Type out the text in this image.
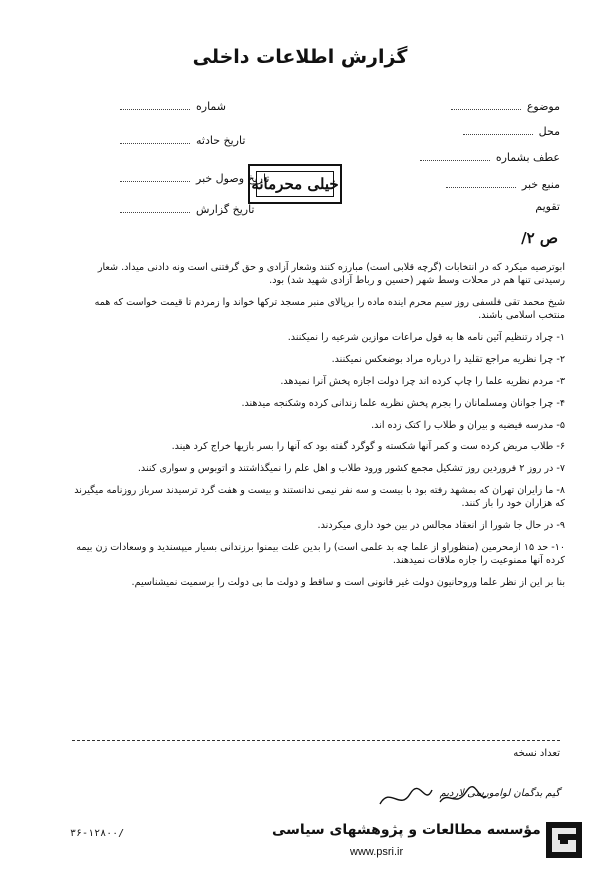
گزارش اطلاعات داخلی
شماره
تاریخ حادثه
تاریخ وصول خبر
تاریخ گزارش
موضوع
محل
عطف بشماره
منبع خبر
تقویم
خیلی محرمانه
ص ۲/

ابوترصیه میکرد که در انتخابات (گرچه قلابی است) مبارزه کنند وشعار آزادی و حق گرفتنی است ونه دادنی میداد. شعار رسیدنی تنها هم در محلات وسط شهر (حسین و رباط آزادی شهید شد) بود.

شیخ محمد تقی فلسفی روز سیم محرم اینده ماده را برپالای منبر مسجد ترکها خواند وا زمردم تا قیمت خواست که همه منتخب اسلامی باشند.

۱- چراد رتنظیم آئین نامه ها به قول مراعات موازین شرعیه را نمیکنند.

۲- چرا نظریه مراجع تقلید را درباره مراد بوضعکس نمیکنند.

۳- مردم نظریه علما را چاپ کرده اند چرا دولت اجازه پخش آنرا نمیدهد.

۴- چرا جوانان ومسلمانان را بجرم پخش نظریه علما زندانی کرده وشکنجه میدهند.

۵- مدرسه فیضیه و بیران و طلاب را کتک زده اند.

۶- طلاب مریض کرده ست و کمر آنها شکسته و گوگرد گفته بود که آنها را بسر بازیها خراج کرد هیند.

۷- در روز ۲ فروردین روز تشکیل مجمع کشور ورود طلاب و اهل علم را نمیگذاشتند و اتوبوس و سواری کنند.

۸- ما زایران تهران که بمشهد رفته بود با بیست و سه نفر نیمی ندانستند و بیست و هفت گرد ترسیدند سرباز روزنامه میگیرند که هزاران خود را باز کنند.

۹- در حال جا شورا از انعقاد مجالس در بین خود داری میکردند.

۱۰- حد ۱۵ ازمحرمین (منظوراو از علما چه بد علمی است) را بدین علت بیمنوا برزندانی بسیار میپسندید و وسعادات زن بیمه کرده آنها ممنوعیت را جازه ملاقات نمیدهند.

بنا بر این از نظر علما وروحانیون دولت غیر قانونی است و ساقط و دولت ما بی دولت را برسمیت نمیشناسیم.

تعداد نسخه
گیم بدگمان لوامورسی لاردیم
۳۶-۱۲۸۰۰/	مؤسسه مطالعات و پژوهشهای سیاسی
www.psri.ir
